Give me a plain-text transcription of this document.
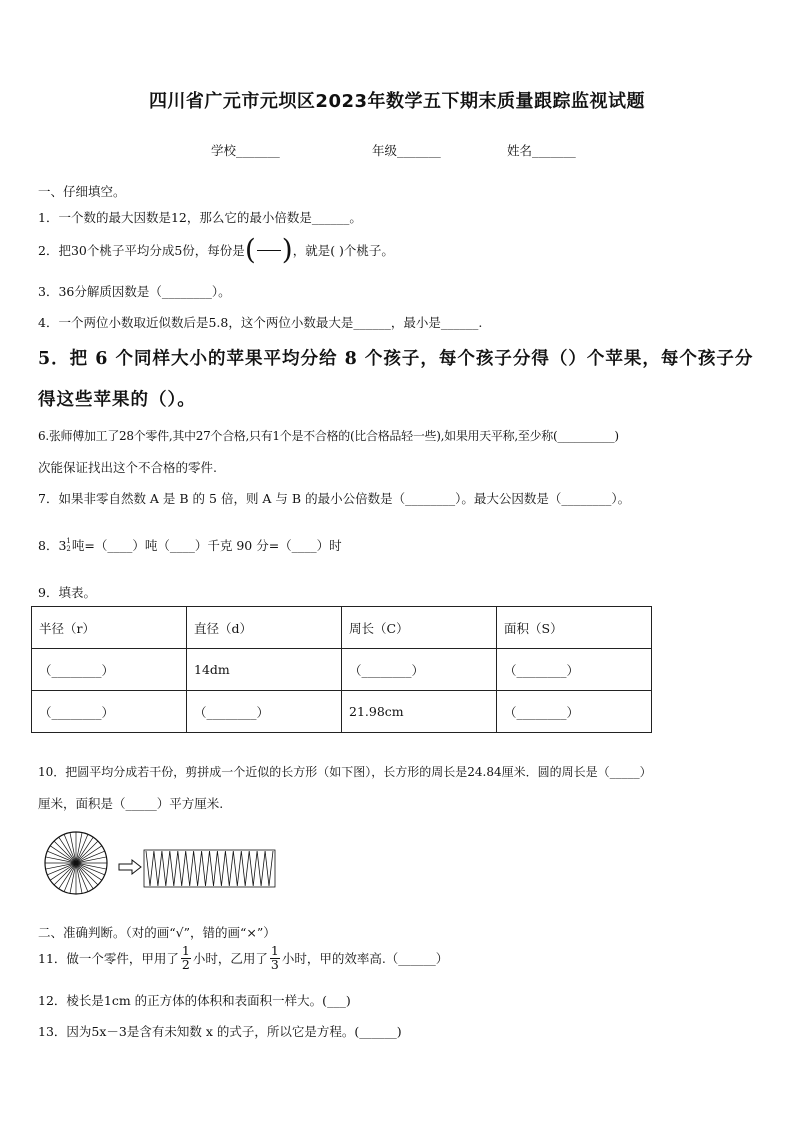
四川省广元市元坝区2023年数学五下期末质量跟踪监视试题
学校_______	年级_______	姓名_______
一、仔细填空。
1．一个数的最大因数是12，那么它的最小倍数是______。
2．把30个桃子平均分成5份，每份是 ( ) ，就是( )个桃子。
3．36分解质因数是（________）。
4．一个两位小数取近似数后是5.8，这个两位小数最大是______，最小是______.
5．把 6 个同样大小的苹果平均分给 8 个孩子，每个孩子分得（）个苹果，每个孩子分
得这些苹果的（）。
6.张师傅加工了28个零件,其中27个合格,只有1个是不合格的(比合格品轻一些),如果用天平称,至少称(__________)
次能保证找出这个不合格的零件.
7．如果非零自然数 A 是 B 的 5 倍，则 A 与 B 的最小公倍数是（________）。最大公因数是（________）。
8．3 1
2 吨=（____）吨（____）千克 90 分=（____）时
9．填表。
半径（r）	直径（d）	周长（C）	面积（S）
（________）	14dm	（________）	（________）
（________）	（________）	21.98cm	（________）
10．把圆平均分成若干份，剪拼成一个近似的长方形（如下图），长方形的周长是24.84厘米．圆的周长是（_____）
厘米，面积是（_____）平方厘米.
二、准确判断。（对的画“√”，错的画“×”）
11．做一个零件，甲用了 $\frac{1}{2}$ 小时，乙用了 $\frac{1}{3}$ 小时，甲的效率高.（______）
12．棱长是1cm 的正方体的体积和表面积一样大。(___)
13．因为5x－3是含有未知数 x 的式子，所以它是方程。(______)
